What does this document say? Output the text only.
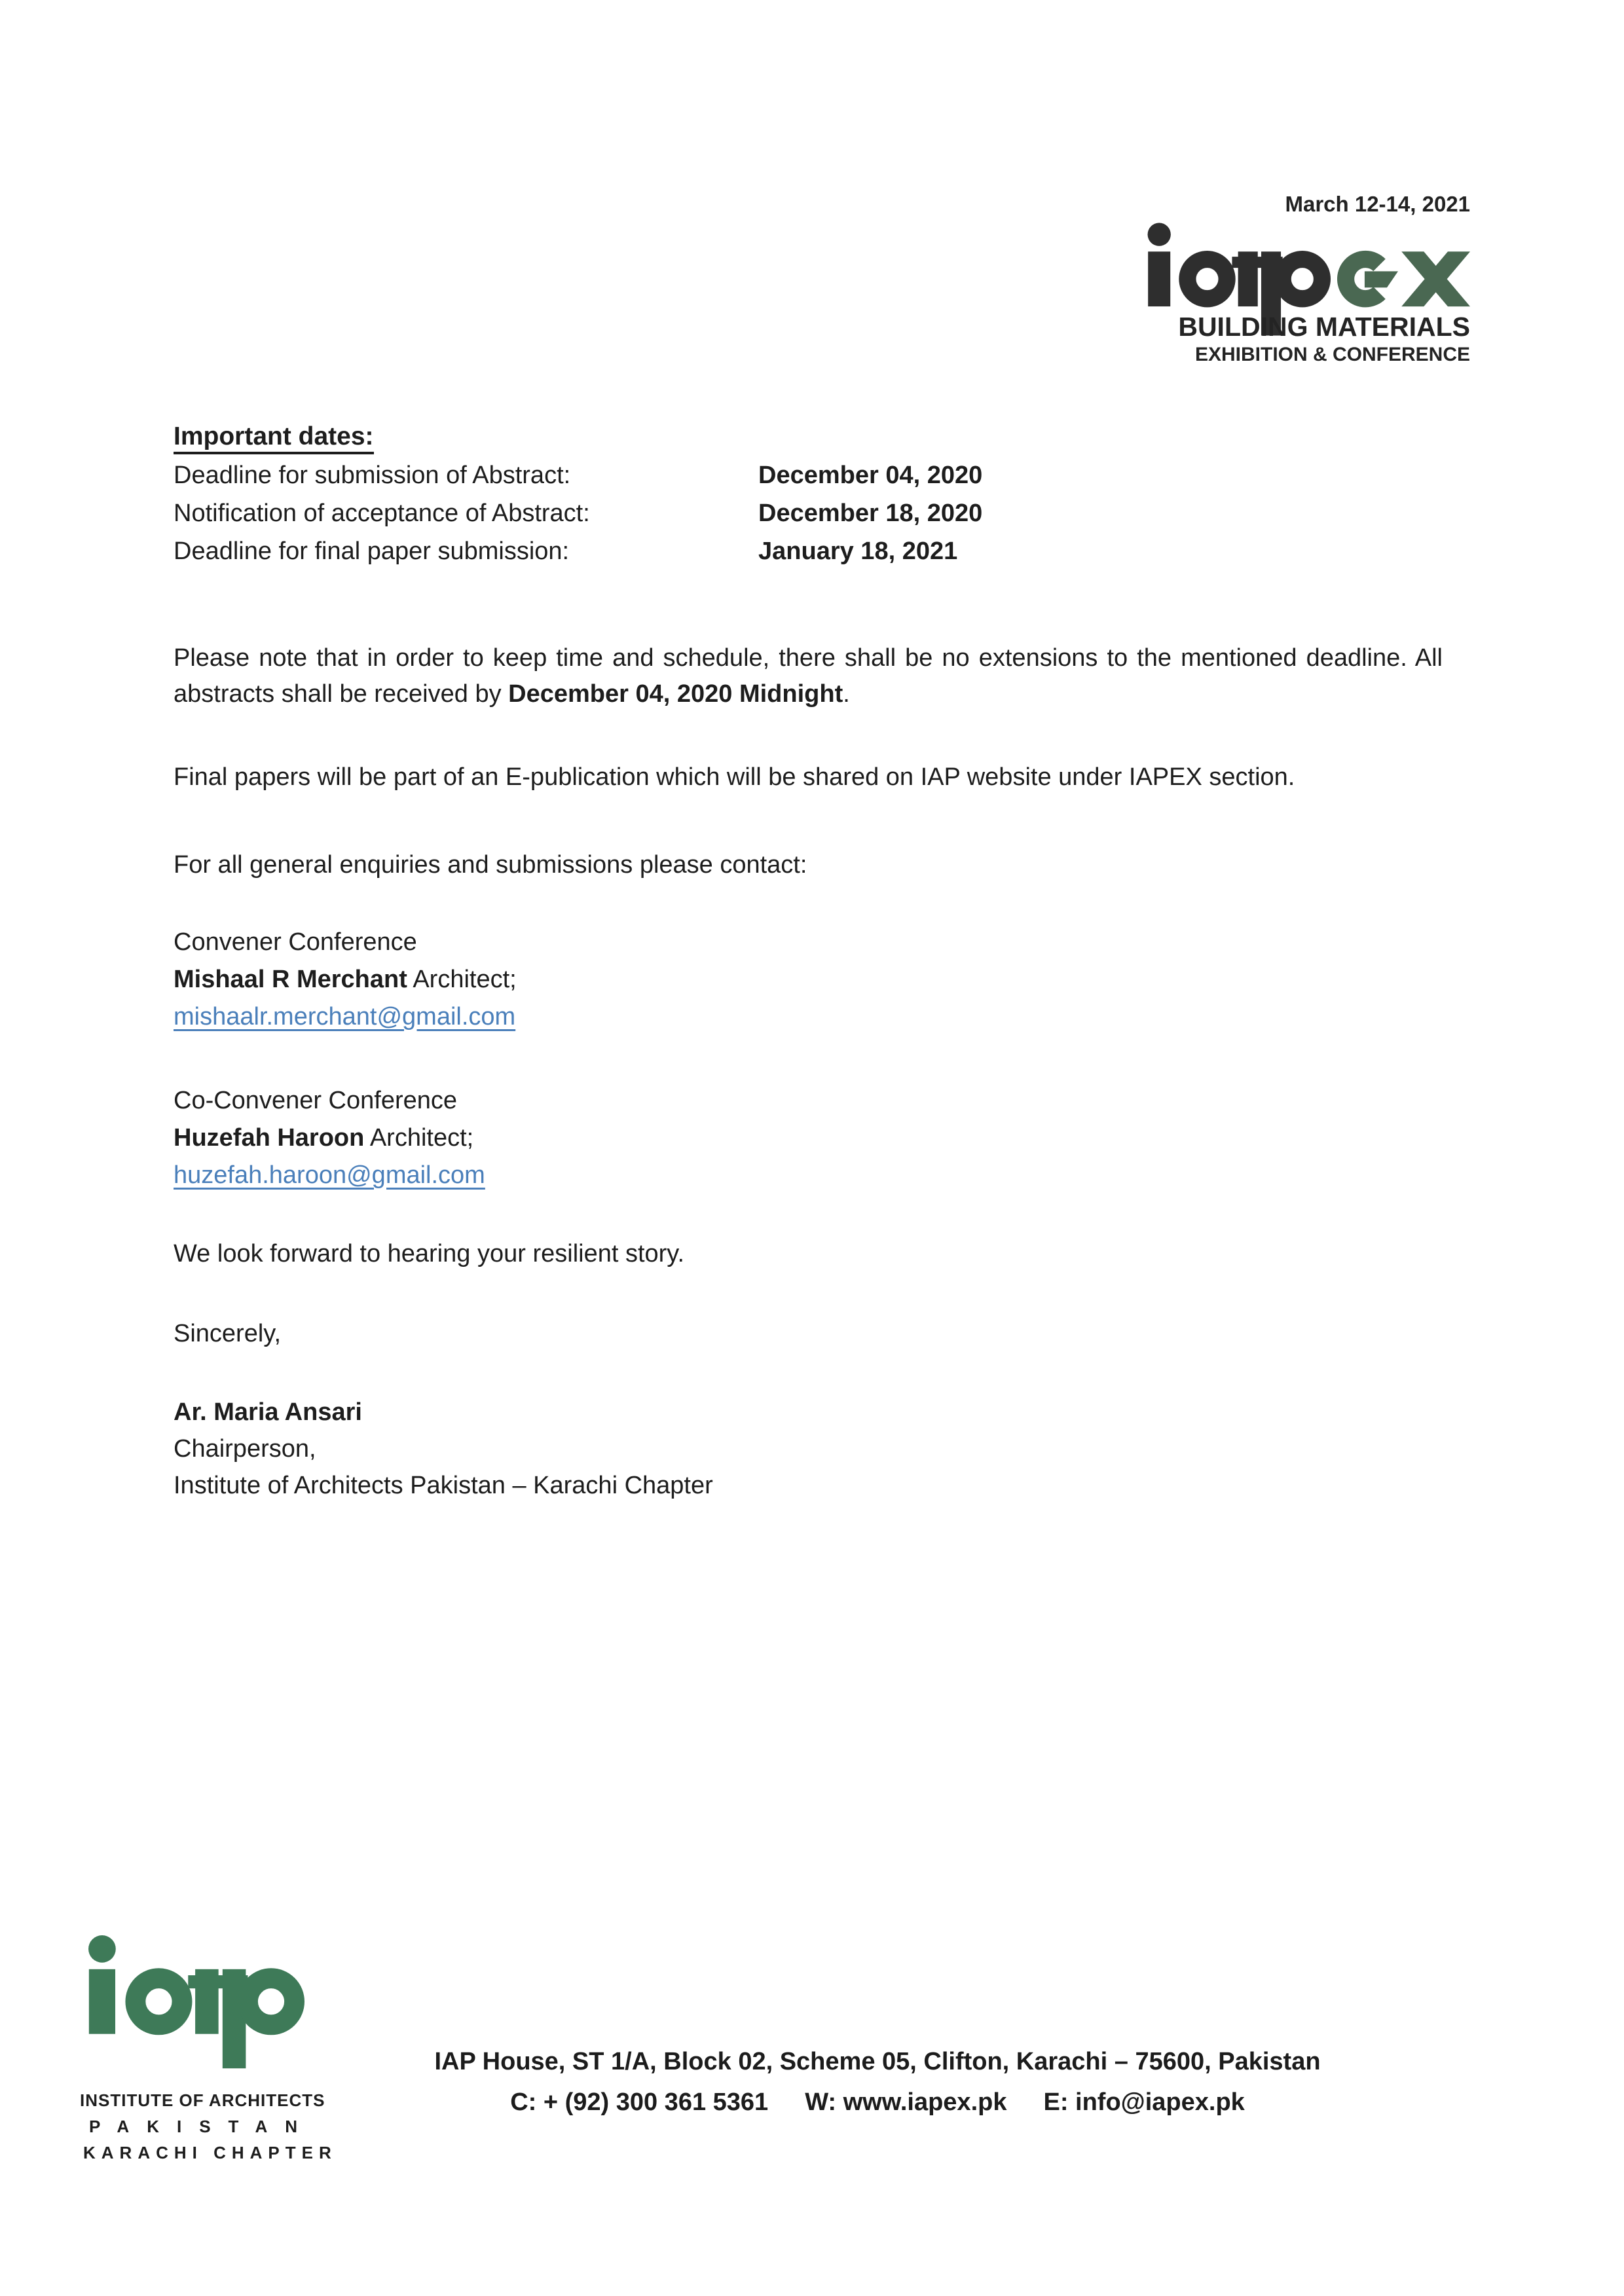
March 12-14, 2021
BUILDING MATERIALS
EXHIBITION & CONFERENCE
Important dates:
Deadline for submission of Abstract:	December 04, 2020
Notification of acceptance of Abstract:	December 18, 2020
Deadline for final paper submission:	January 18, 2021

Please note that in order to keep time and schedule, there shall be no extensions to the mentioned deadline. All abstracts shall be received by December 04, 2020 Midnight.

Final papers will be part of an E-publication which will be shared on IAP website under IAPEX section.

For all general enquiries and submissions please contact:
Convener Conference
Mishaal R Merchant Architect;
mishaalr.merchant@gmail.com
Co-Convener Conference
Huzefah Haroon Architect;
huzefah.haroon@gmail.com
We look forward to hearing your resilient story.
Sincerely,
Ar. Maria Ansari
Chairperson,
Institute of Architects Pakistan – Karachi Chapter
INSTITUTE OF ARCHITECTS
PAKISTAN
KARACHI CHAPTER
IAP House, ST 1/A, Block 02, Scheme 05, Clifton, Karachi – 75600, Pakistan
C: + (92) 300 361 5361 W: www.iapex.pk E: info@iapex.pk
